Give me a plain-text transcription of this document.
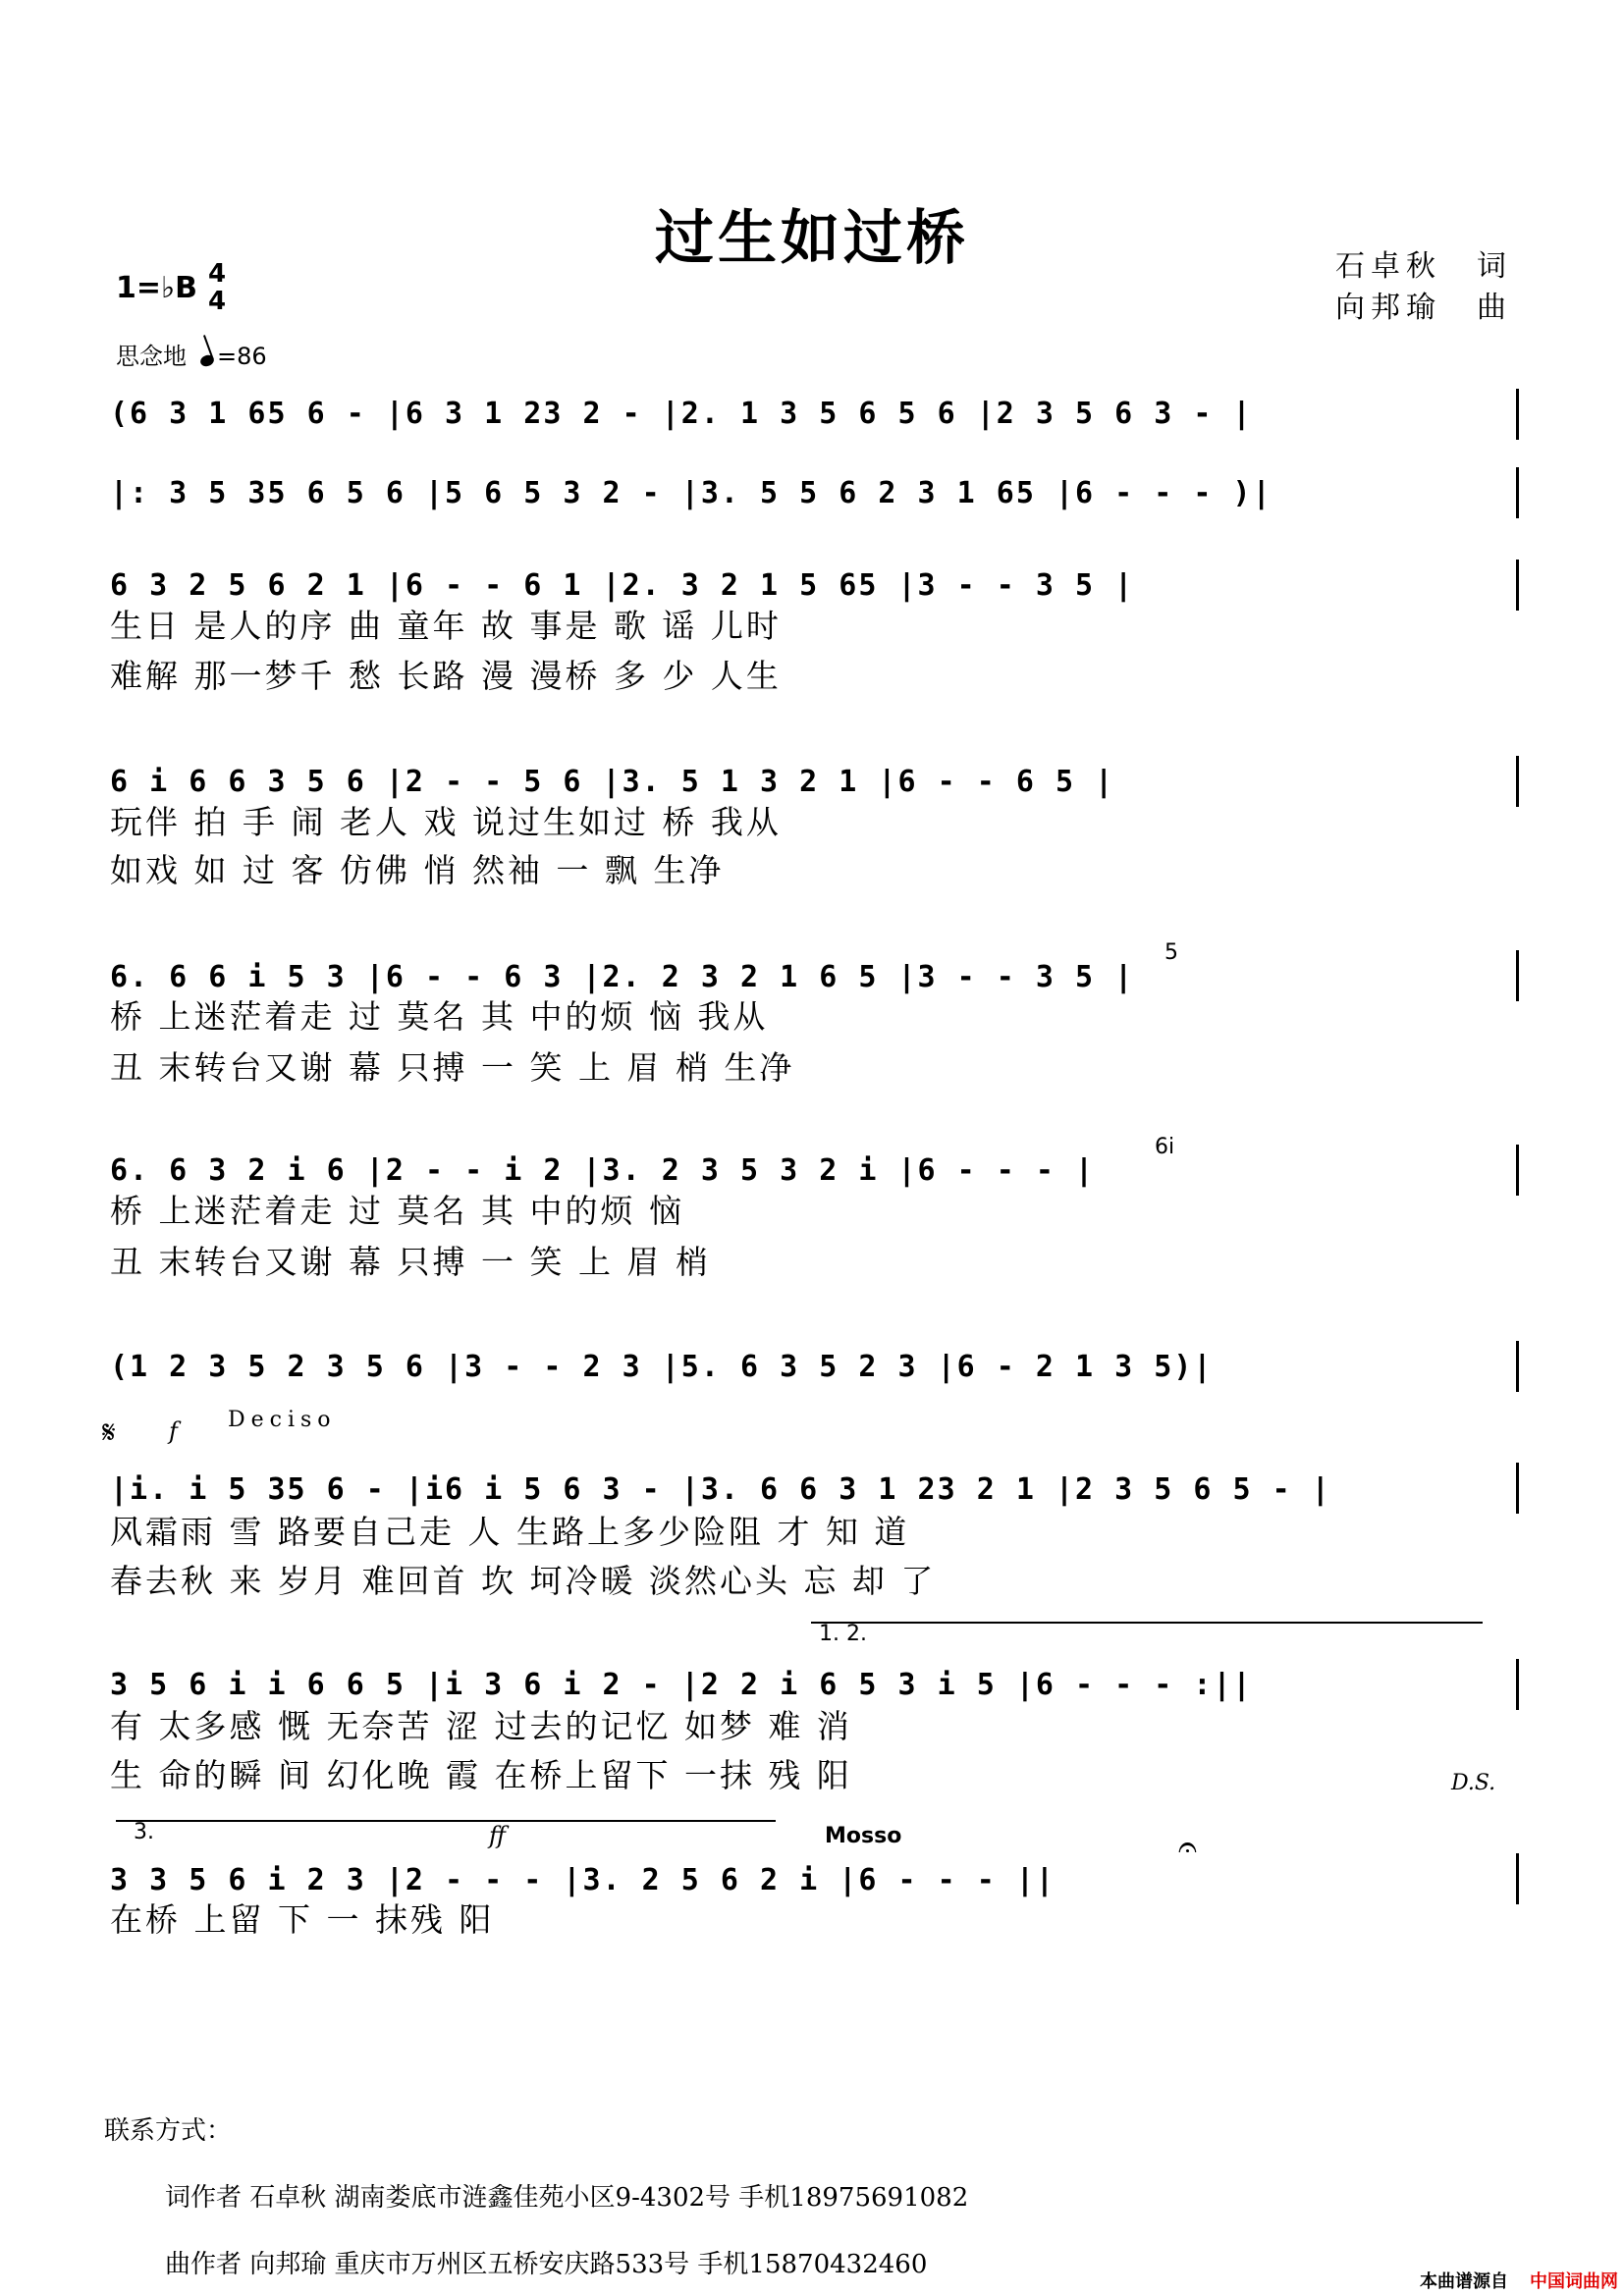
过生如过桥	石卓秋　词
向邦瑜　曲
1=♭B 4
4
思念地 =86
(6 3 1 65 6 - |6 3 1 23 2 - |2. 1 3 5 6 5 6 |2 3 5 6 3 - |
|: 3 5 35 6 5 6 |5 6 5 3 2 - |3. 5 5 6 2 3 1 65 |6 - - - )|
6 3 2 5 6 2 1 |6 - - 6 1 |2. 3 2 1 5 65 |3 - - 3 5 |
生日 是人的序 曲 童年 故 事是 歌 谣 儿时
难解 那一梦千 愁 长路 漫 漫桥 多 少 人生
6 i 6 6 3 5 6 |2 - - 5 6 |3. 5 1 3 2 1 |6 - - 6 5 |
玩伴 拍 手 闹 老人 戏 说过生如过 桥 我从
如戏 如 过 客 仿佛 悄 然袖 一 飘 生净
6. 6 6 i 5 3 |6 - - 6 3 |2. 2 3 2 1 6 5 |3 - - 3 5 |
桥 上迷茫着走 过 莫名 其 中的烦 恼 我从
丑 末转台又谢 幕 只搏 一 笑 上 眉 梢 生净
6. 6 3 2 i 6 |2 - - i 2 |3. 2 3 5 3 2 i |6 - - - |
桥 上迷茫着走 过 莫名 其 中的烦 恼
丑 末转台又谢 幕 只搏 一 笑 上 眉 梢
(1 2 3 5 2 3 5 6 |3 - - 2 3 |5. 6 3 5 2 3 |6 - 2 1 3 5)|
|i. i 5 35 6 - |i6 i 5 6 3 - |3. 6 6 3 1 23 2 1 |2 3 5 6 5 - |
风霜雨 雪 路要自己走 人 生路上多少险阻 才 知 道
春去秋 来 岁月 难回首 坎 坷冷暖 淡然心头 忘 却 了
3 5 6 i i 6 6 5 |i 3 6 i 2 - |2 2 i 6 5 3 i 5 |6 - - - :||
有 太多感 慨 无奈苦 涩 过去的记忆 如梦 难 消
生 命的瞬 间 幻化晚 霞 在桥上留下 一抹 残 阳
3 3 5 6 i 2 3 |2 - - - |3. 2 5 6 2 i |6 - - - ||
在桥 上留 下 一 抹残 阳
𝄋 f Deciso
ff	Mosso
D.S.
𝄐
5
6i
1. 2.
3.
联系方式：
词作者 石卓秋 湖南娄底市涟鑫佳苑小区9-4302号 手机18975691082
曲作者 向邦瑜 重庆市万州区五桥安庆路533号 手机15870432460
本曲谱源自 中国词曲网
